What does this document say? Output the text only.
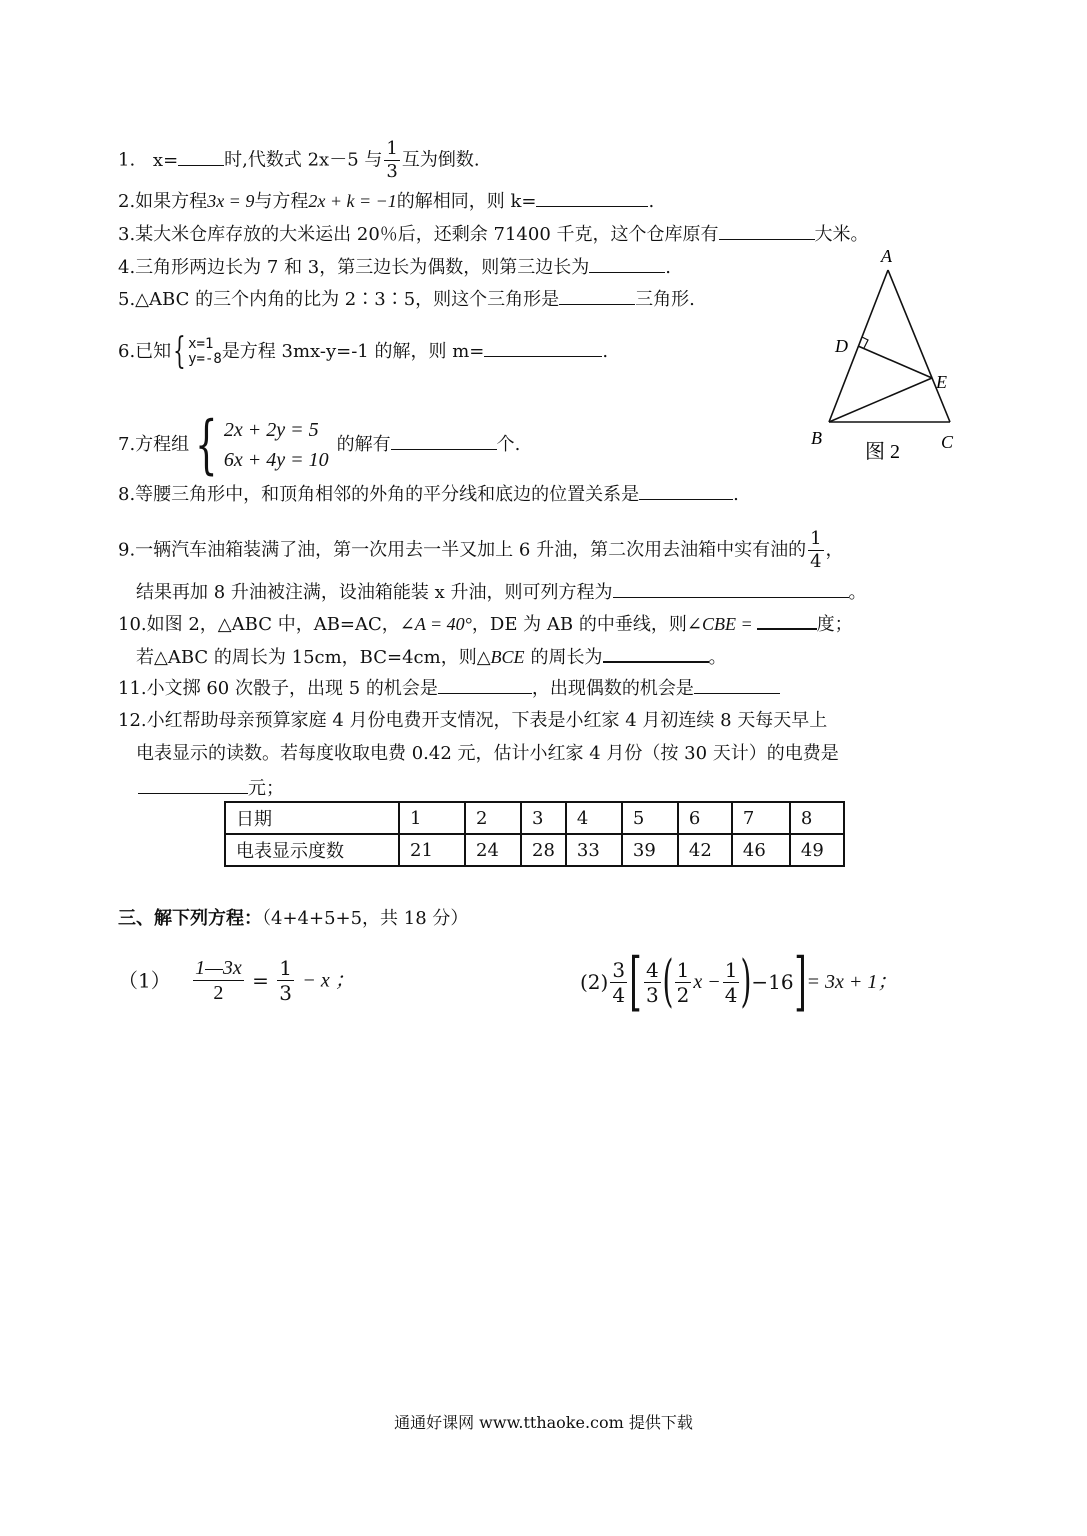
1. x=	时,代数式 2x－5 与 $\frac{1}{3}$ 互为倒数.
2.如果方程3x = 9与方程2x + k = −1的解相同，则 k=	.
3.某大米仓库存放的大米运出 20％后，还剩余 71400 千克，这个仓库原有	大米。
4.三角形两边长为 7 和 3，第三边长为偶数，则第三边长为	.
5.△ABC 的三个内角的比为 2∶3∶5，则这个三角形是	三角形.
6.已知{ x=1
y=-8 是方程 3mx-y=-1 的解，则 m=	.
7.方程组{ 2x + 2y = 5
6x + 4y = 10
的解有	个.
A
B	C
D
E
图 2
8.等腰三角形中，和顶角相邻的外角的平分线和底边的位置关系是	.
9.一辆汽车油箱装满了油，第一次用去一半又加上 6 升油，第二次用去油箱中实有油的 $\frac{1}{4}$ ，
结果再加 8 升油被注满，设油箱能装 x 升油，则可列方程为	。
10.如图 2，△ABC 中，AB=AC，∠A = 40°，DE 为 AB 的中垂线，则∠CBE =	度；
若△ABC 的周长为 15cm，BC=4cm，则△BCE 的周长为	。
11.小文掷 60 次骰子，出现 5 的机会是	，出现偶数的机会是
12.小红帮助母亲预算家庭 4 月份电费开支情况，下表是小红家 4 月初连续 8 天每天早上
电表显示的读数。若每度收取电费 0.42 元，估计小红家 4 月份（按 30 天计）的电费是
元；
日期	1	2	3	4	5	6	7	8
电表显示度数	21	24	28	33	39	42	46	49
三、解下列方程：（4+4+5+5，共 18 分）
$(1) \frac{1—3x}{2} = \frac{1}{3} - x$ ；	$(2) \frac{3}{4}$ [ $\frac{4}{3}$ ( $\frac{1}{2}$ $x - \frac{1}{4} )-16]= 3x + 1$；
通通好课网 www.tthaoke.com 提供下载
